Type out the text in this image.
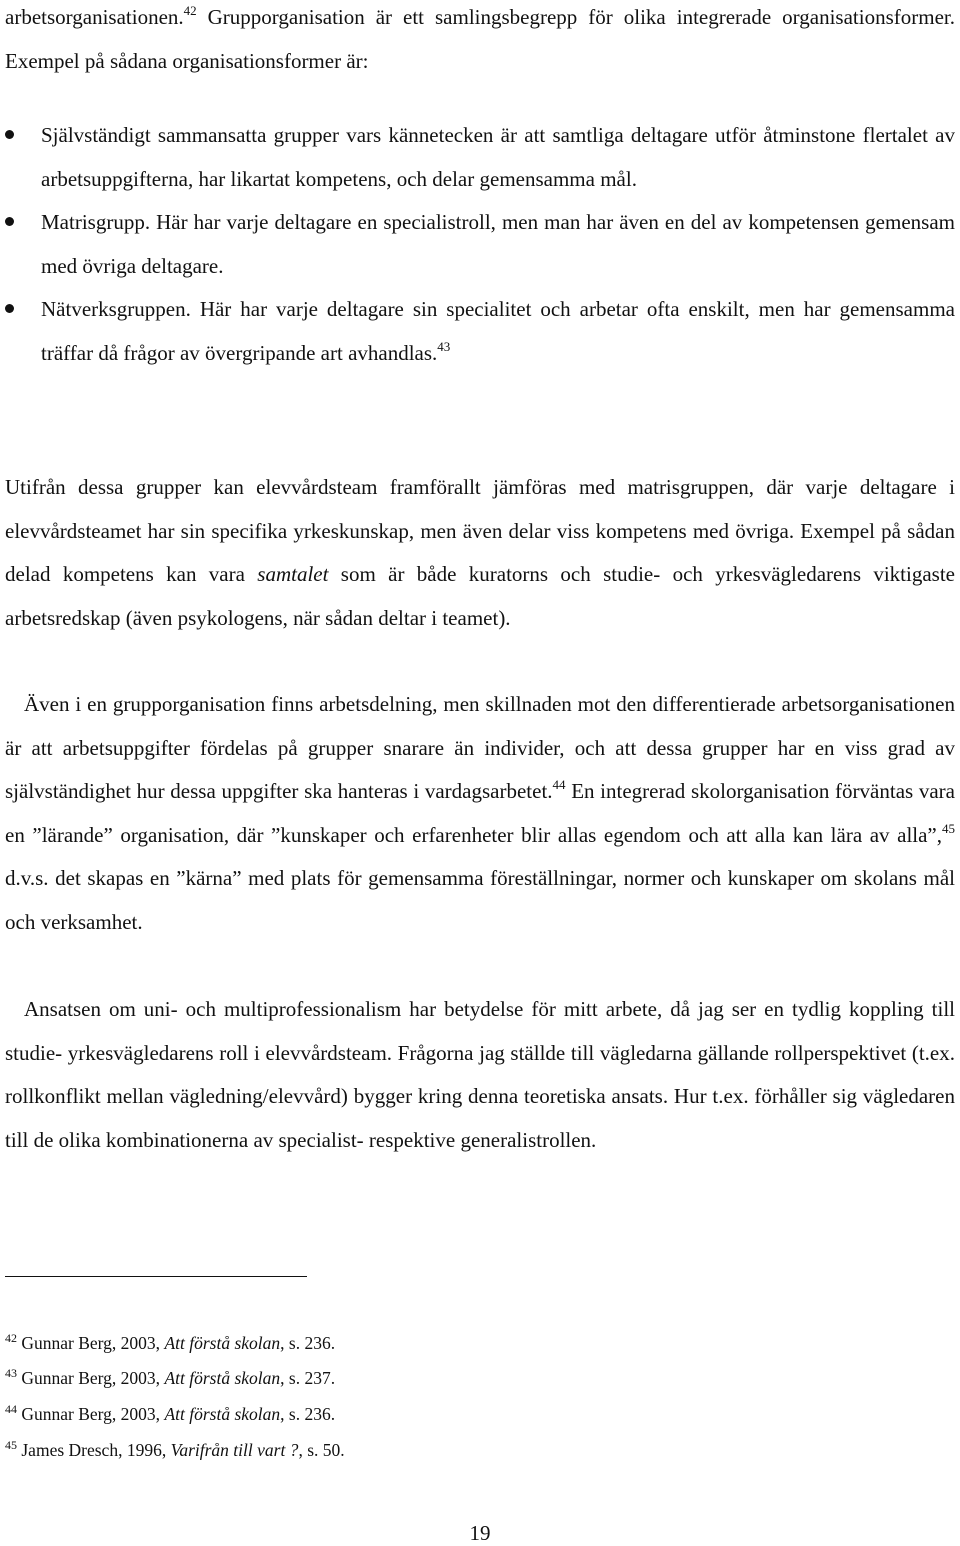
arbetsorganisationen.$^{42}$ Grupporganisation är ett samlingsbegrepp för olika integrerade organisationsformer. Exempel på sådana organisationsformer är:

Självständigt sammansatta grupper vars kännetecken är att samtliga deltagare utför åtminstone flertalet av arbetsuppgifterna, har likartat kompetens, och delar gemensamma mål.
Matrisgrupp. Här har varje deltagare en specialistroll, men man har även en del av kompetensen gemensam med övriga deltagare.
Nätverksgruppen. Här har varje deltagare sin specialitet och arbetar ofta enskilt, men har gemensamma träffar då frågor av övergripande art avhandlas.$^{43}$

Utifrån dessa grupper kan elevvårdsteam framförallt jämföras med matrisgruppen, där varje deltagare i elevvårdsteamet har sin specifika yrkeskunskap, men även delar viss kompetens med övriga. Exempel på sådan delad kompetens kan vara samtalet som är både kuratorns och studie- och yrkesvägledarens viktigaste arbetsredskap (även psykologens, när sådan deltar i teamet).

Även i en grupporganisation finns arbetsdelning, men skillnaden mot den differentierade arbetsorganisationen är att arbetsuppgifter fördelas på grupper snarare än individer, och att dessa grupper har en viss grad av självständighet hur dessa uppgifter ska hanteras i vardagsarbetet.$^{44}$ En integrerad skolorganisation förväntas vara en ”lärande” organisation, där ”kunskaper och erfarenheter blir allas egendom och att alla kan lära av alla”,$^{45}$ d.v.s. det skapas en ”kärna” med plats för gemensamma föreställningar, normer och kunskaper om skolans mål och verksamhet.

Ansatsen om uni- och multiprofessionalism har betydelse för mitt arbete, då jag ser en tydlig koppling till studie- yrkesvägledarens roll i elevvårdsteam. Frågorna jag ställde till vägledarna gällande rollperspektivet (t.ex. rollkonflikt mellan vägledning/elevvård) bygger kring denna teoretiska ansats. Hur t.ex. förhåller sig vägledaren till de olika kombinationerna av specialist- respektive generalistrollen.

$^{42}$ Gunnar Berg, 2003, Att förstå skolan, s. 236.

$^{43}$ Gunnar Berg, 2003, Att förstå skolan, s. 237.

$^{44}$ Gunnar Berg, 2003, Att förstå skolan, s. 236.

$^{45}$ James Dresch, 1996, Varifrån till vart ?, s. 50.

19
